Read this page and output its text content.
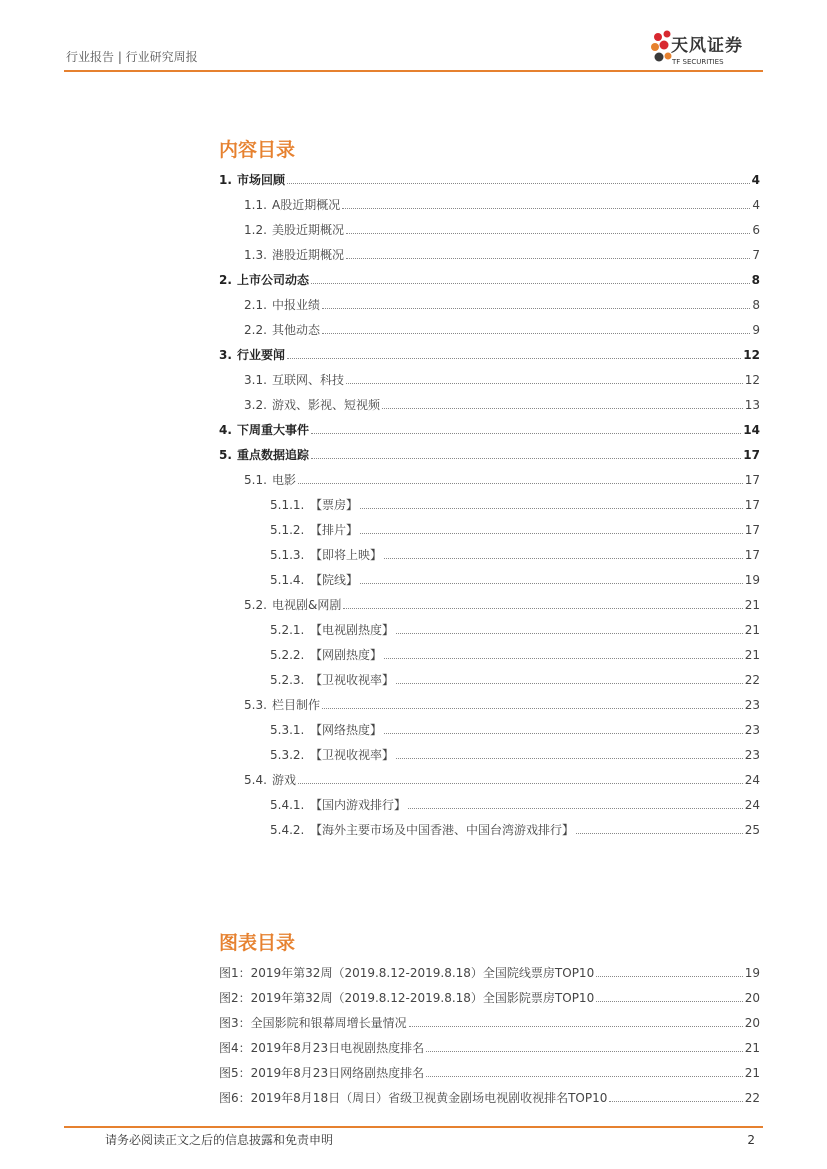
行业报告 | 行业研究周报
天风证券
TF SECURITIES
内容目录
1. 市场回顾	4
1.1. A股近期概况	4
1.2. 美股近期概况	6
1.3. 港股近期概况	7
2. 上市公司动态	8
2.1. 中报业绩	8
2.2. 其他动态	9
3. 行业要闻	12
3.1. 互联网、科技	12
3.2. 游戏、影视、短视频	13
4. 下周重大事件	14
5. 重点数据追踪	17
5.1. 电影	17
5.1.1. 【票房】	17
5.1.2. 【排片】	17
5.1.3. 【即将上映】	17
5.1.4. 【院线】	19
5.2. 电视剧&网剧	21
5.2.1. 【电视剧热度】	21
5.2.2. 【网剧热度】	21
5.2.3. 【卫视收视率】	22
5.3. 栏目制作	23
5.3.1. 【网络热度】	23
5.3.2. 【卫视收视率】	23
5.4. 游戏	24
5.4.1. 【国内游戏排行】	24
5.4.2. 【海外主要市场及中国香港、中国台湾游戏排行】	25
图表目录
图1：2019年第32周（2019.8.12-2019.8.18）全国院线票房TOP10	19
图2：2019年第32周（2019.8.12-2019.8.18）全国影院票房TOP10	20
图3：全国影院和银幕周增长量情况	20
图4：2019年8月23日电视剧热度排名	21
图5：2019年8月23日网络剧热度排名	21
图6：2019年8月18日（周日）省级卫视黄金剧场电视剧收视排名TOP10	22
请务必阅读正文之后的信息披露和免责申明	2
